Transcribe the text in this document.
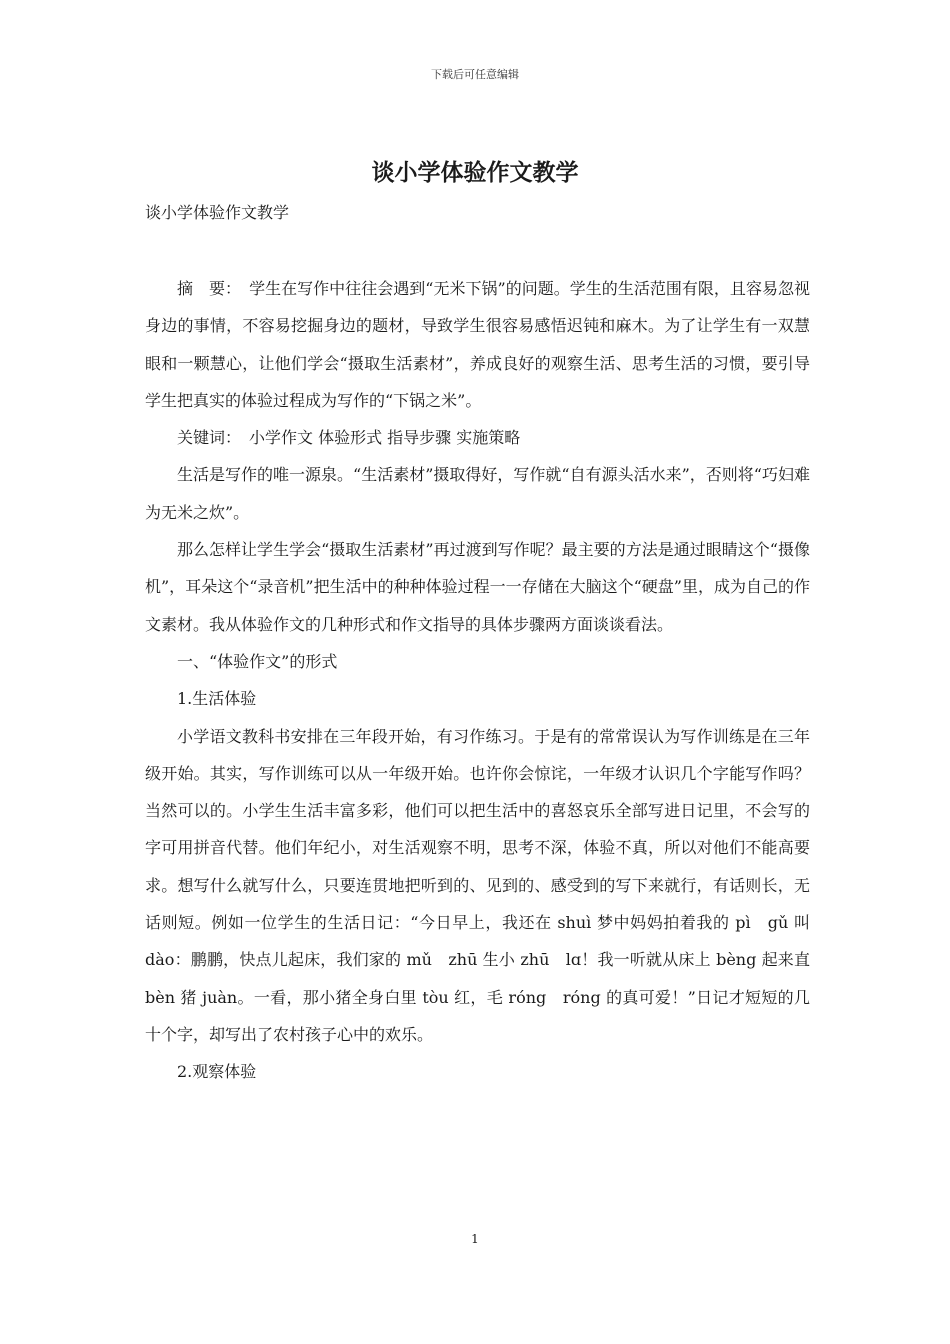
下载后可任意编辑
谈小学体验作文教学
谈小学体验作文教学

摘　要：　学生在写作中往往会遇到“无米下锅”的问题。学生的生活范围有限，且容易忽视身边的事情，不容易挖掘身边的题材，导致学生很容易感悟迟钝和麻木。为了让学生有一双慧眼和一颗慧心，让他们学会“摄取生活素材”，养成良好的观察生活、思考生活的习惯，要引导学生把真实的体验过程成为写作的“下锅之米”。

关键词：　小学作文 体验形式 指导步骤 实施策略

生活是写作的唯一源泉。“生活素材”摄取得好，写作就“自有源头活水来”，否则将“巧妇难为无米之炊”。

那么怎样让学生学会“摄取生活素材”再过渡到写作呢？最主要的方法是通过眼睛这个“摄像机”，耳朵这个“录音机”把生活中的种种体验过程一一存储在大脑这个“硬盘”里，成为自己的作文素材。我从体验作文的几种形式和作文指导的具体步骤两方面谈谈看法。

一、“体验作文”的形式

1.生活体验

小学语文教科书安排在三年段开始，有习作练习。于是有的常常误认为写作训练是在三年级开始。其实，写作训练可以从一年级开始。也许你会惊诧，一年级才认识几个字能写作吗？当然可以的。小学生生活丰富多彩，他们可以把生活中的喜怒哀乐全部写进日记里，不会写的字可用拼音代替。他们年纪小，对生活观察不明，思考不深，体验不真，所以对他们不能高要求。想写什么就写什么，只要连贯地把听到的、见到的、感受到的写下来就行，有话则长，无话则短。例如一位学生的生活日记：“今日早上，我还在 shuì 梦中妈妈拍着我的 pì　gǔ 叫 dào：鹏鹏，快点儿起床，我们家的 mǔ　zhū 生小 zhū　lɑ！我一听就从床上 bèng 起来直 bèn 猪 juàn。一看，那小猪全身白里 tòu 红，毛 róng　róng 的真可爱！”日记才短短的几十个字，却写出了农村孩子心中的欢乐。

2.观察体验

1
